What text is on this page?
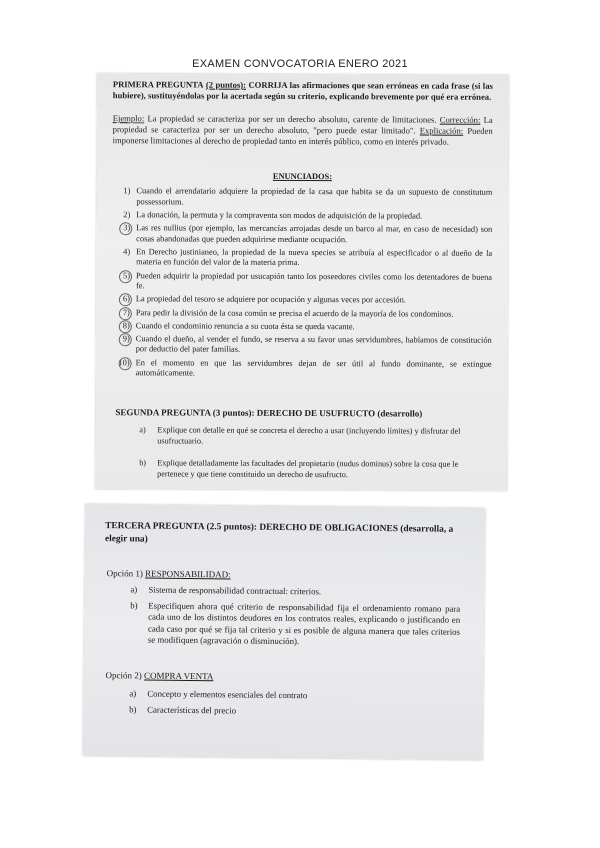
EXAMEN CONVOCATORIA ENERO 2021

PRIMERA PREGUNTA (2 puntos): CORRIJA las afirmaciones que sean erróneas en cada frase (si las hubiere), sustituyéndolas por la acertada según su criterio, explicando brevemente por qué era errónea.

Ejemplo: La propiedad se caracteriza por ser un derecho absoluto, carente de limitaciones. Corrección: La propiedad se caracteriza por ser un derecho absoluto, "pero puede estar limitado". Explicación: Pueden imponerse limitaciones al derecho de propiedad tanto en interés público, como en interés privado.

ENUNCIADOS:
1) Cuando el arrendatario adquiere la propiedad de la casa que habita se da un supuesto de constitutum possessorium.
2) La donación, la permuta y la compraventa son modos de adquisición de la propiedad.
3) Las res nullius (por ejemplo, las mercancías arrojadas desde un barco al mar, en caso de necesidad) son cosas abandonadas que pueden adquirirse mediante ocupación.
4) En Derecho justinianeo, la propiedad de la nueva species se atribuía al especificador o al dueño de la materia en función del valor de la materia prima.
5) Pueden adquirir la propiedad por usucapión tanto los poseedores civiles como los detentadores de buena fe.
6) La propiedad del tesoro se adquiere por ocupación y algunas veces por accesión.
7) Para pedir la división de la cosa común se precisa el acuerdo de la mayoría de los condominos.
8) Cuando el condominio renuncia a su cuota ésta se queda vacante.
9) Cuando el dueño, al vender el fundo, se reserva a su favor unas servidumbres, hablamos de constitución por deductio del pater familias.
10) En el momento en que las servidumbres dejan de ser útil al fundo dominante, se extingue automáticamente.
SEGUNDA PREGUNTA (3 puntos): DERECHO DE USUFRUCTO (desarrollo)
a) Explique con detalle en qué se concreta el derecho a usar (incluyendo límites) y disfrutar del usufructuario.
b) Explique detalladamente las facultades del propietario (nudus dominus) sobre la cosa que le pertenece y que tiene constituido un derecho de usufructo.
TERCERA PREGUNTA (2.5 puntos): DERECHO DE OBLIGACIONES (desarrolla, a elegir una)
Opción 1) RESPONSABILIDAD:
a) Sistema de responsabilidad contractual: criterios.
b) Especifiquen ahora qué criterio de responsabilidad fija el ordenamiento romano para cada uno de los distintos deudores en los contratos reales, explicando o justificando en cada caso por qué se fija tal criterio y si es posible de alguna manera que tales criterios se modifiquen (agravación o disminución).
Opción 2) COMPRA VENTA
a) Concepto y elementos esenciales del contrato
b) Características del precio
